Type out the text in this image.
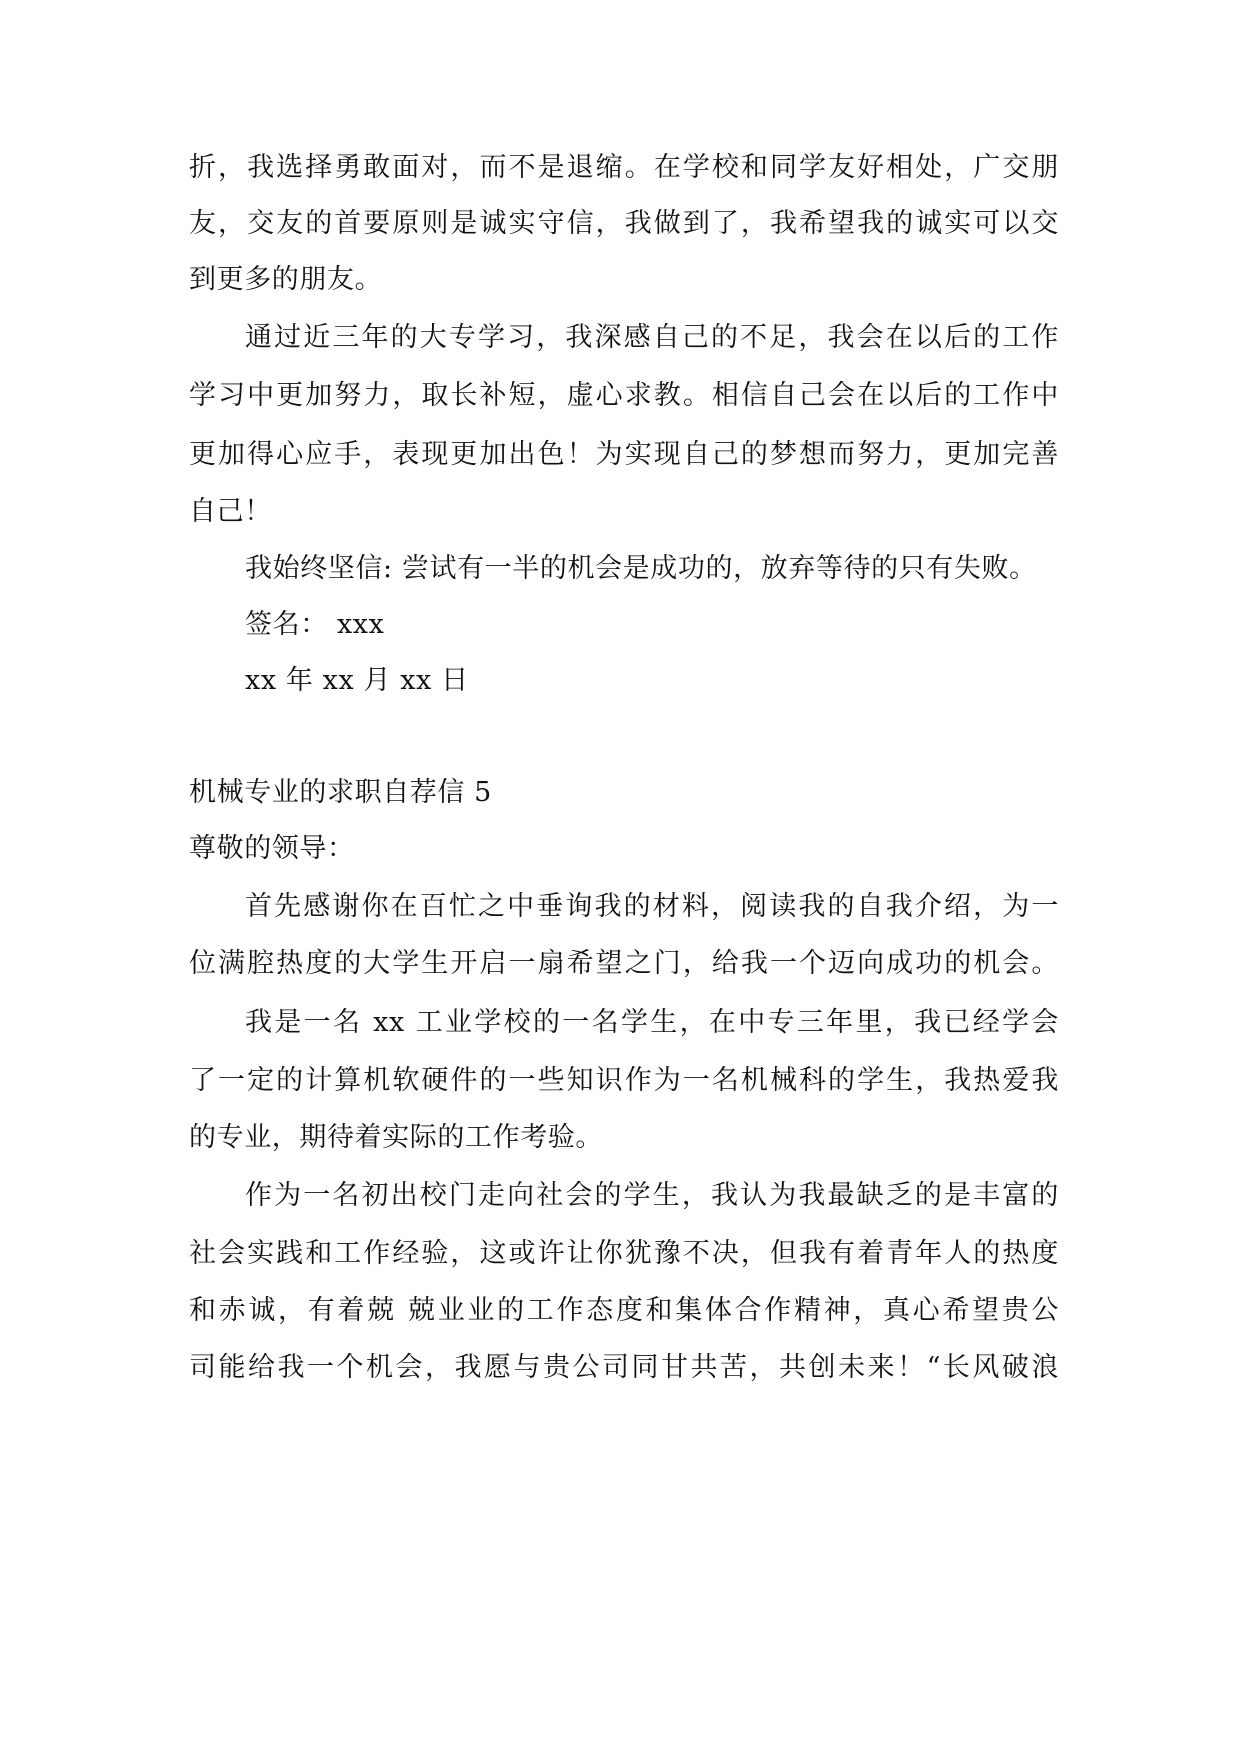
折，我选择勇敢面对，而不是退缩。在学校和同学友好相处，广交朋
友，交友的首要原则是诚实守信，我做到了，我希望我的诚实可以交
到更多的朋友。
通过近三年的大专学习，我深感自己的不足，我会在以后的工作
学习中更加努力，取长补短，虚心求教。相信自己会在以后的工作中
更加得心应手，表现更加出色！为实现自己的梦想而努力，更加完善
自己！
我始终坚信: 尝试有一半的机会是成功的，放弃等待的只有失败。
签名： xxx
xx 年 xx 月 xx 日
机械专业的求职自荐信 5
尊敬的领导：
首先感谢你在百忙之中垂询我的材料，阅读我的自我介绍，为一
位满腔热度的大学生开启一扇希望之门，给我一个迈向成功的机会。
我是一名 xx 工业学校的一名学生，在中专三年里，我已经学会
了一定的计算机软硬件的一些知识作为一名机械科的学生，我热爱我
的专业，期待着实际的工作考验。
作为一名初出校门走向社会的学生，我认为我最缺乏的是丰富的
社会实践和工作经验，这或许让你犹豫不决，但我有着青年人的热度
和赤诚，有着兢 兢业业的工作态度和集体合作精神，真心希望贵公
司能给我一个机会，我愿与贵公司同甘共苦，共创未来！“长风破浪
